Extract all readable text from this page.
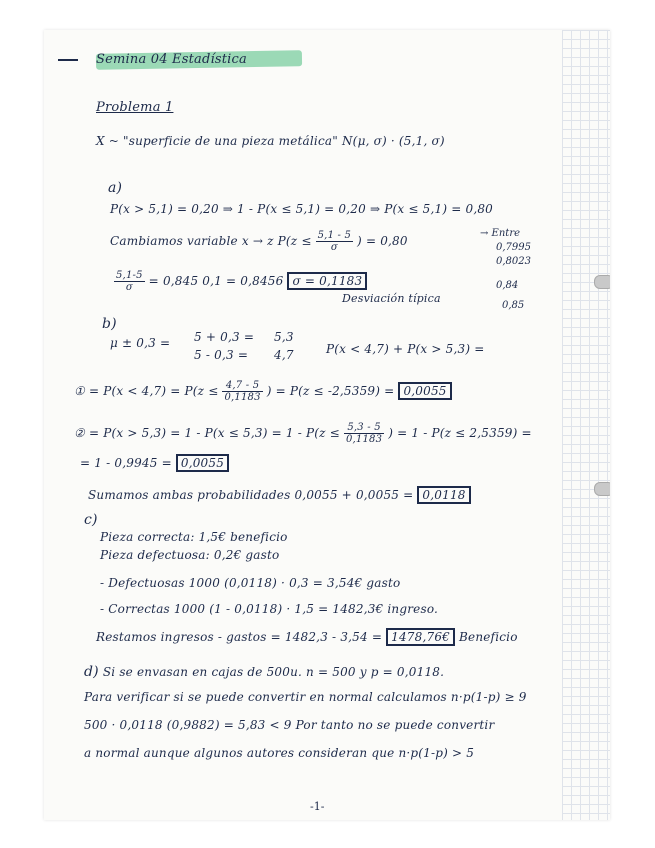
Semina 04 Estadística
Problema 1
X ~ "superficie de una pieza metálica" N(μ, σ) · (5,1, σ)
a)
P(x > 5,1) = 0,20 ⇒ 1 - P(x ≤ 5,1) = 0,20 ⇒ P(x ≤ 5,1) = 0,80
Cambiamos variable x → z $P(z \le \frac{5,1 - 5}{\sigma}$ ) = 0,80
→ Entre
0,7995
0,8023
0,84
0,85
$\frac{5,1-5}{\sigma} = 0,845$ 0,1 = 0,8456 σ = 0,1183
Desviación típica
b)
μ ± 0,3 = 5 + 0,3 =
5 - 0,3 =
5,3
4,7	P(x < 4,7) + P(x > 5,3) =
① = $P(x < 4,7) = P(z \le \frac{4,7 - 5}{0,1183}$ ) = P(z ≤ -2,5359) = 0,0055
② = $P(x > 5,3) = 1 - P(x \le 5,3) = 1 - P(z \le \frac{5,3 - 5}{0,1183}$ ) = 1 - P(z ≤ 2,5359) =
= 1 - 0,9945 = 0,0055
Sumamos ambas probabilidades 0,0055 + 0,0055 = 0,0118
c)
Pieza correcta: 1,5€ beneficio
Pieza defectuosa: 0,2€ gasto
- Defectuosas 1000 (0,0118) · 0,3 = 3,54€ gasto
- Correctas 1000 (1 - 0,0118) · 1,5 = 1482,3€ ingreso.
Restamos ingresos - gastos = 1482,3 - 3,54 = 1478,76€ Beneficio
d) Si se envasan en cajas de 500u. n = 500 y p = 0,0118.
Para verificar si se puede convertir en normal calculamos n·p(1-p) ≥ 9
500 · 0,0118 (0,9882) = 5,83 < 9 Por tanto no se puede convertir
a normal aunque algunos autores consideran que n·p(1-p) > 5
-1-
